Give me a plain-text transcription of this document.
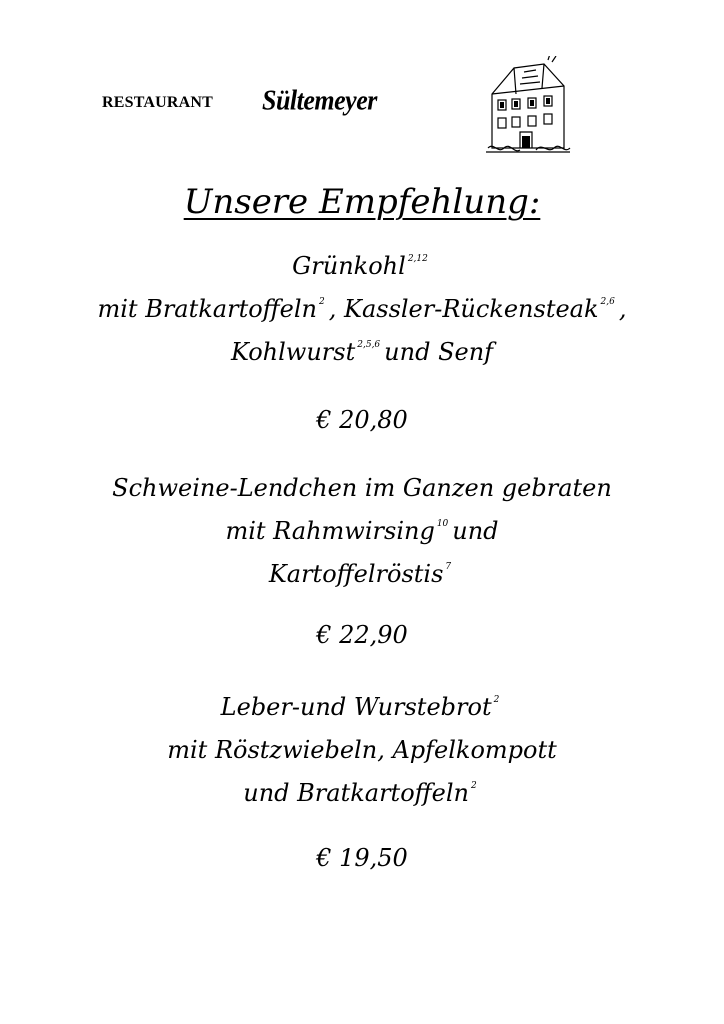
RESTAURANT Sültemeyer
Unsere Empfehlung:
Grünkohl $^{2,12}$
mit Bratkartoffeln $^2$ , Kassler-Rückensteak $^{2,6}$ ,
Kohlwurst $^{2,5,6}$ und Senf
€ 20,80
Schweine-Lendchen im Ganzen gebraten
mit Rahmwirsing $^{10}$ und
Kartoffelröstis $^7$
€ 22,90
Leber-und Wurstebrot $^2$
mit Röstzwiebeln, Apfelkompott
und Bratkartoffeln $^2$
€ 19,50
